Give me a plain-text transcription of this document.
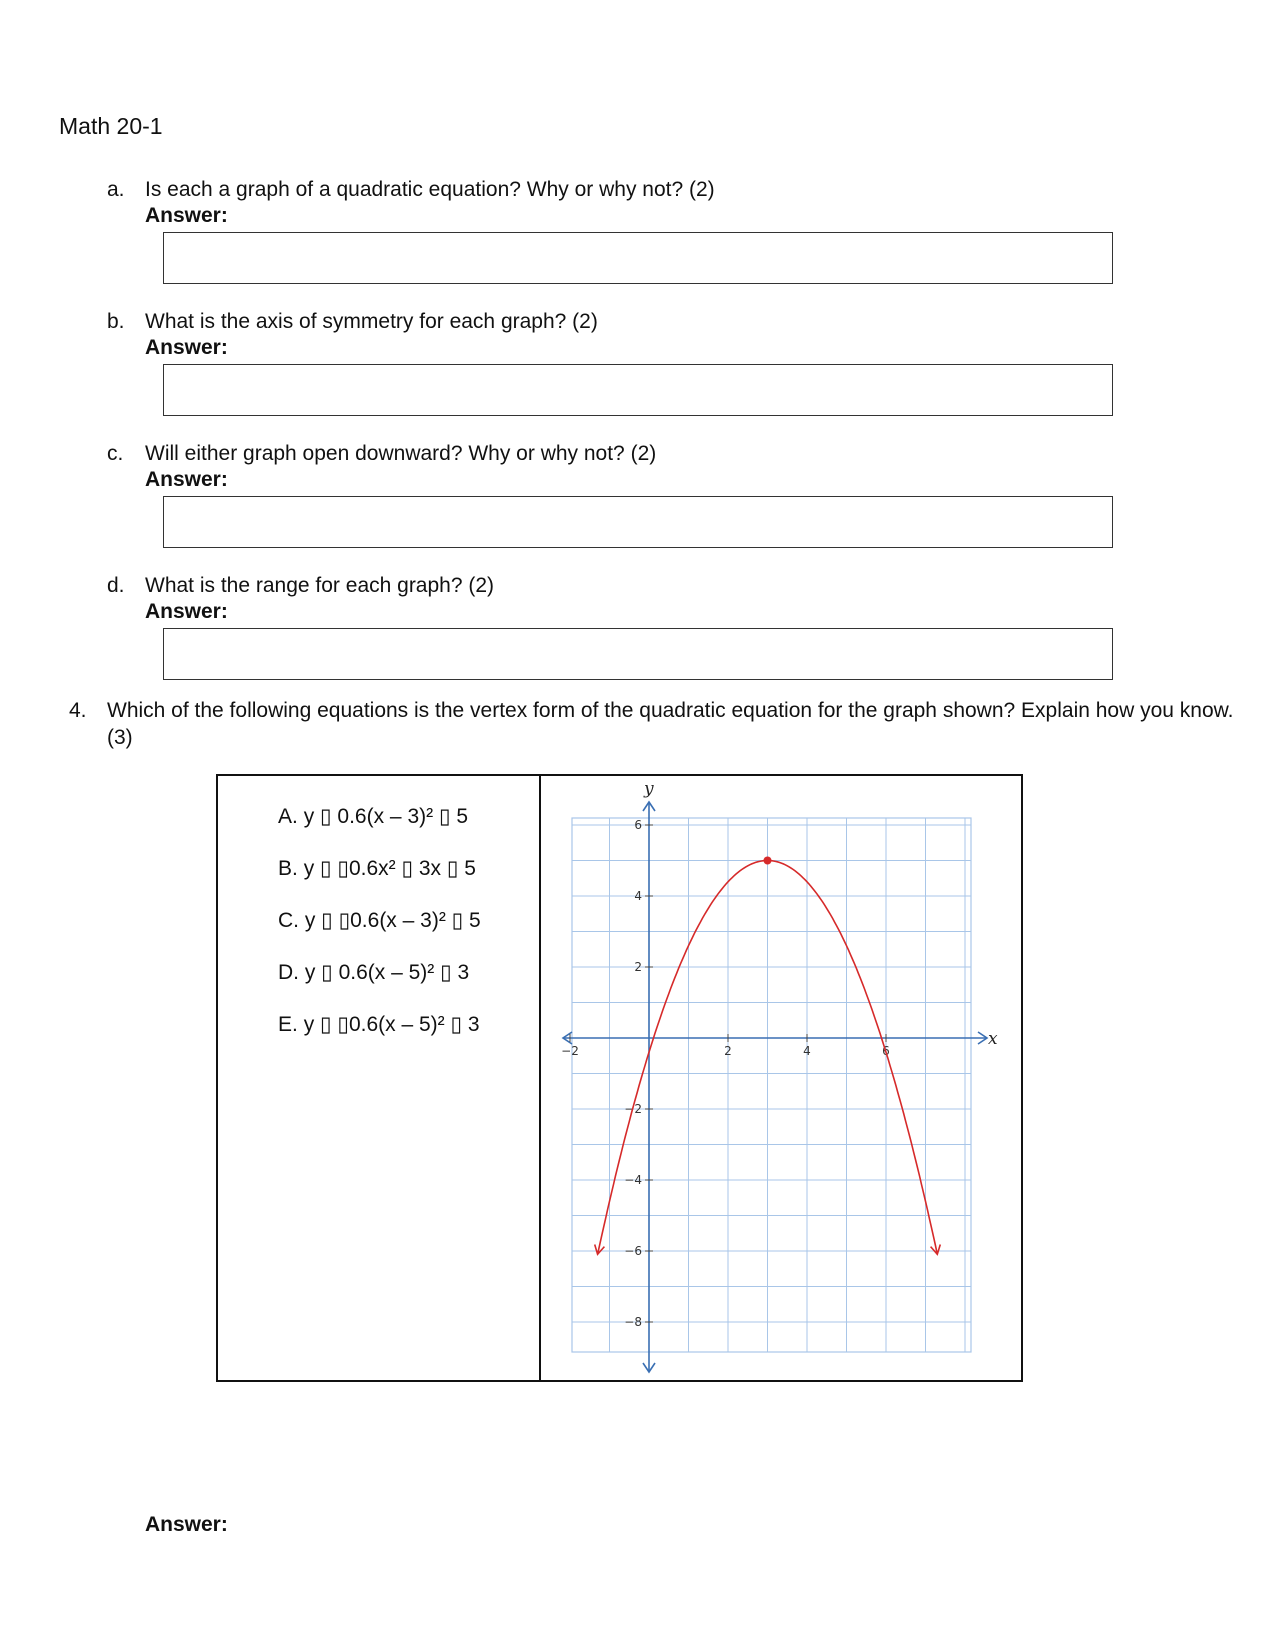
Math 20-1
a. Is each a graph of a quadratic equation? Why or why not? (2)
Answer:
b. What is the axis of symmetry for each graph? (2)
Answer:
c. Will either graph open downward? Why or why not? (2)
Answer:
d. What is the range for each graph? (2)
Answer:
4. Which of the following equations is the vertex form of the quadratic equation for the graph shown? Explain how you know. (3)
A. y ▯ 0.6(x – 3)² ▯ 5
B. y ▯ ▯0.6x² ▯ 3x ▯ 5
C. y ▯ ▯0.6(x – 3)² ▯ 5
D. y ▯ 0.6(x – 5)² ▯ 3
E. y ▯ ▯0.6(x – 5)² ▯ 3
x
y
−2	2	4	6
6
4
2
−2
−4
−6
−8
Answer:
